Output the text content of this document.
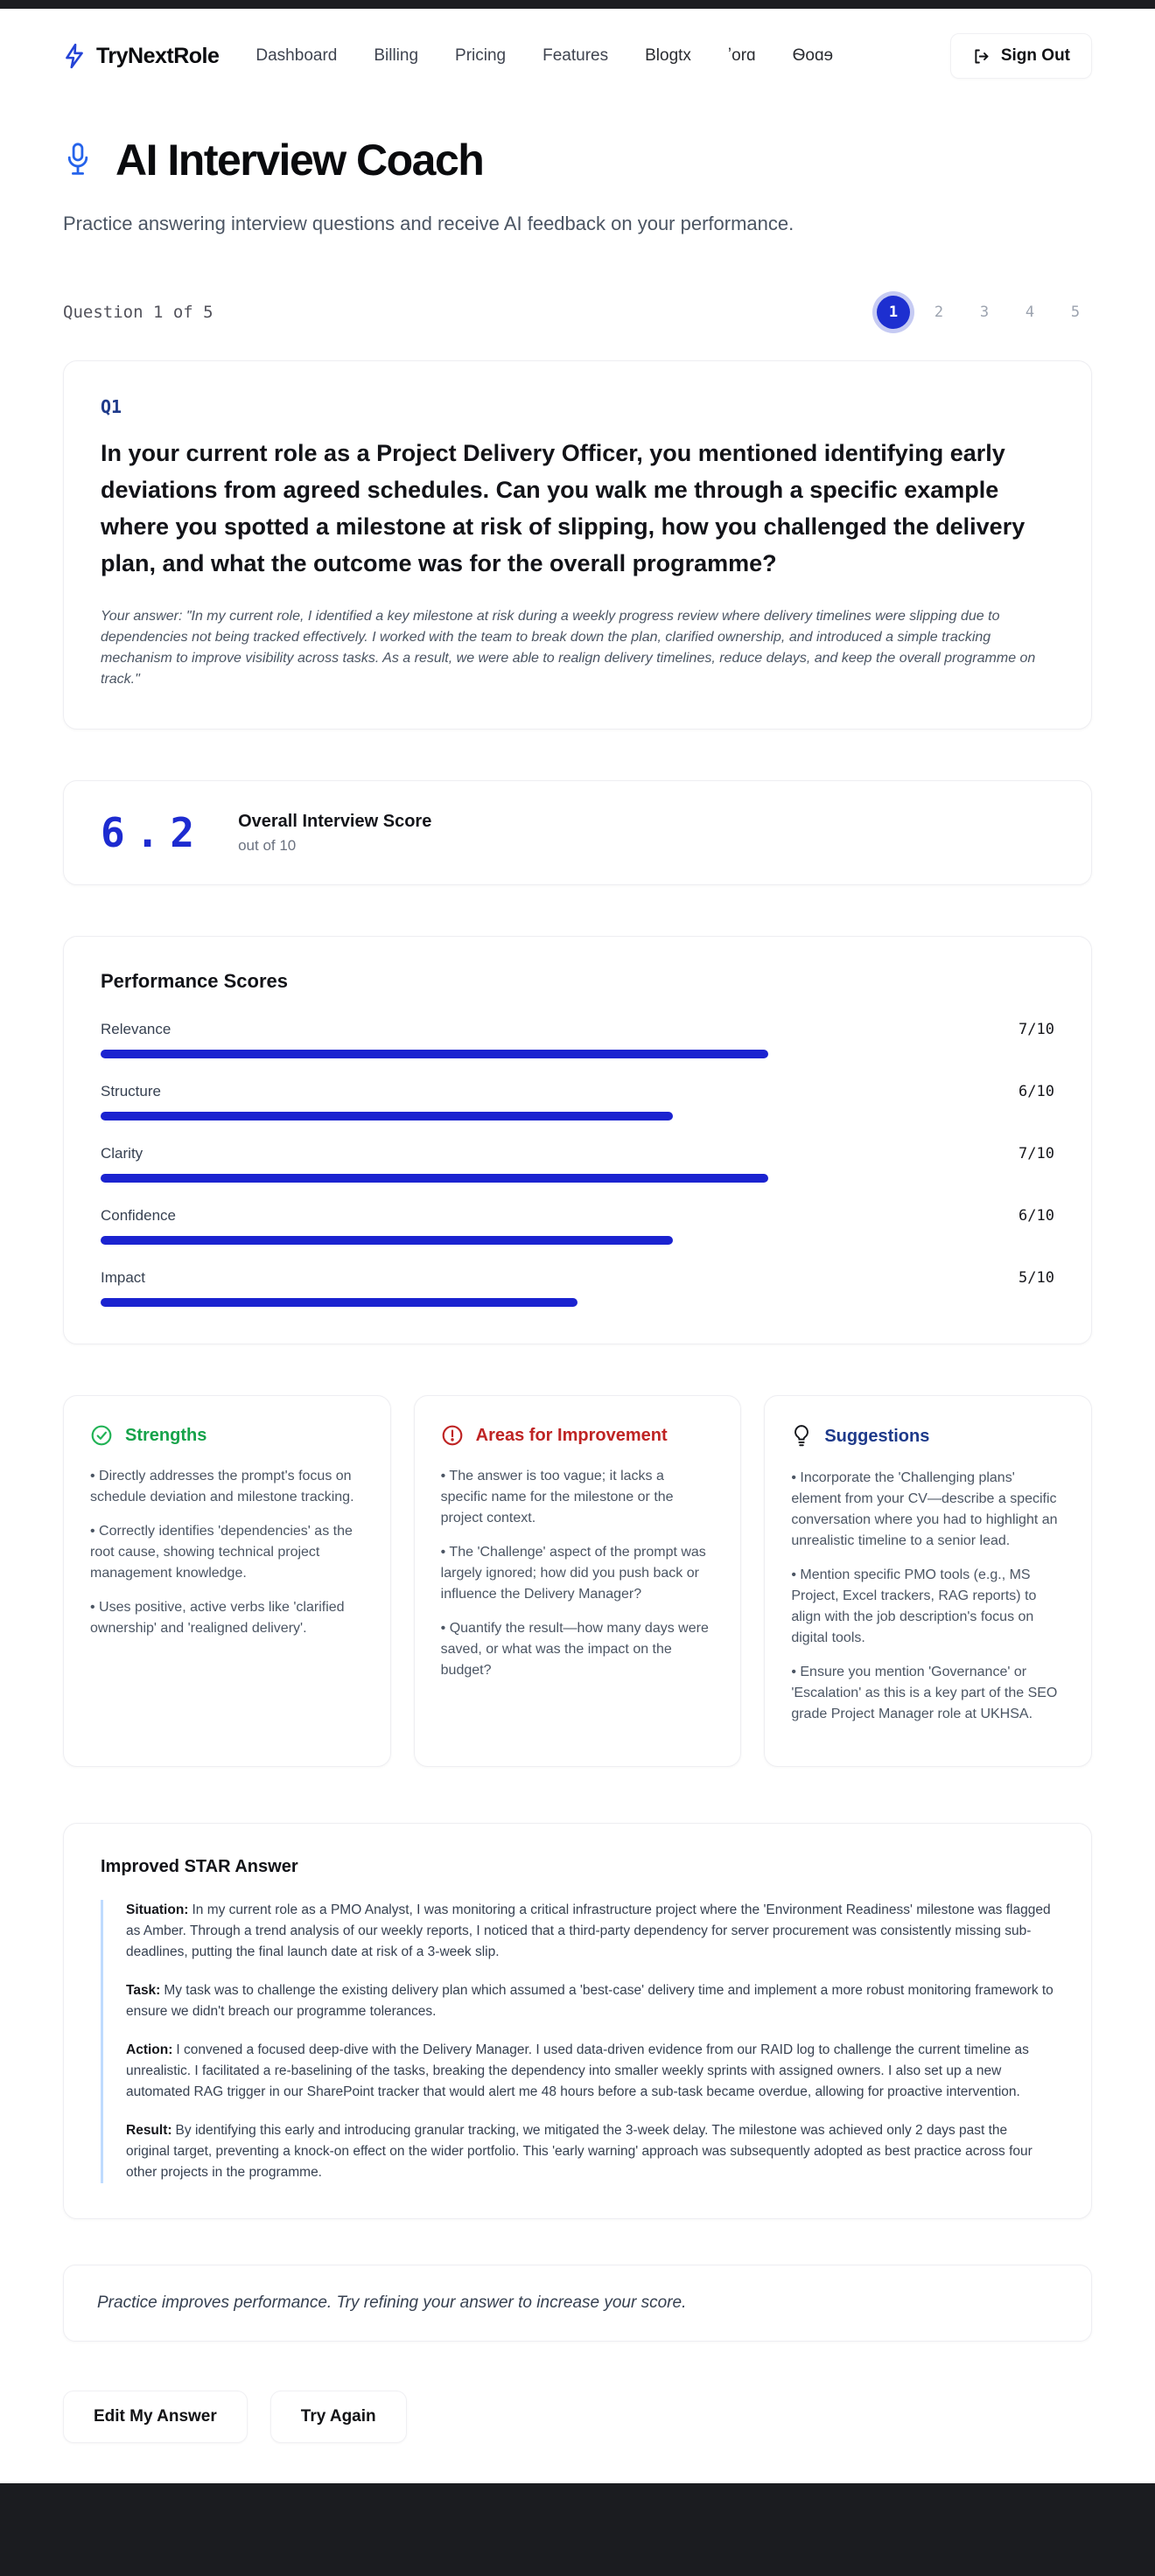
TryNextRole Dashboard Billing Pricing Features Blogtx ʼorɑ Ѳoɑɘ	Sign Out
AI Interview Coach

Practice answering interview questions and receive AI feedback on your performance.

Question 1 of 5	1	2	3	4	5
Q1
In your current role as a Project Delivery Officer, you mentioned identifying early deviations from agreed schedules. Can you walk me through a specific example where you spotted a milestone at risk of slipping, how you challenged the delivery plan, and what the outcome was for the overall programme?

Your answer: "In my current role, I identified a key milestone at risk during a weekly progress review where delivery timelines were slipping due to dependencies not being tracked effectively. I worked with the team to break down the plan, clarified ownership, and introduced a simple tracking mechanism to improve visibility across tasks. As a result, we were able to realign delivery timelines, reduce delays, and keep the overall programme on track."

6.2 Overall Interview Score
out of 10
Performance Scores
Relevance	7/10
Structure	6/10
Clarity	7/10
Confidence	6/10
Impact	5/10
Strengths
• Directly addresses the prompt's focus on schedule deviation and milestone tracking.
• Correctly identifies 'dependencies' as the root cause, showing technical project management knowledge.
• Uses positive, active verbs like 'clarified ownership' and 'realigned delivery'.
Areas for Improvement
• The answer is too vague; it lacks a specific name for the milestone or the project context.
• The 'Challenge' aspect of the prompt was largely ignored; how did you push back or influence the Delivery Manager?
• Quantify the result—how many days were saved, or what was the impact on the budget?
Suggestions
• Incorporate the 'Challenging plans' element from your CV—describe a specific conversation where you had to highlight an unrealistic timeline to a senior lead.
• Mention specific PMO tools (e.g., MS Project, Excel trackers, RAG reports) to align with the job description's focus on digital tools.
• Ensure you mention 'Governance' or 'Escalation' as this is a key part of the SEO grade Project Manager role at UKHSA.
Improved STAR Answer

Situation: In my current role as a PMO Analyst, I was monitoring a critical infrastructure project where the 'Environment Readiness' milestone was flagged as Amber. Through a trend analysis of our weekly reports, I noticed that a third-party dependency for server procurement was consistently missing sub-deadlines, putting the final launch date at risk of a 3-week slip.

Task: My task was to challenge the existing delivery plan which assumed a 'best-case' delivery time and implement a more robust monitoring framework to ensure we didn't breach our programme tolerances.

Action: I convened a focused deep-dive with the Delivery Manager. I used data-driven evidence from our RAID log to challenge the current timeline as unrealistic. I facilitated a re-baselining of the tasks, breaking the dependency into smaller weekly sprints with assigned owners. I also set up a new automated RAG trigger in our SharePoint tracker that would alert me 48 hours before a sub-task became overdue, allowing for proactive intervention.

Result: By identifying this early and introducing granular tracking, we mitigated the 3-week delay. The milestone was achieved only 2 days past the original target, preventing a knock-on effect on the wider portfolio. This 'early warning' approach was subsequently adopted as best practice across four other projects in the programme.

Practice improves performance. Try refining your answer to increase your score.

Edit My Answer	Try Again
